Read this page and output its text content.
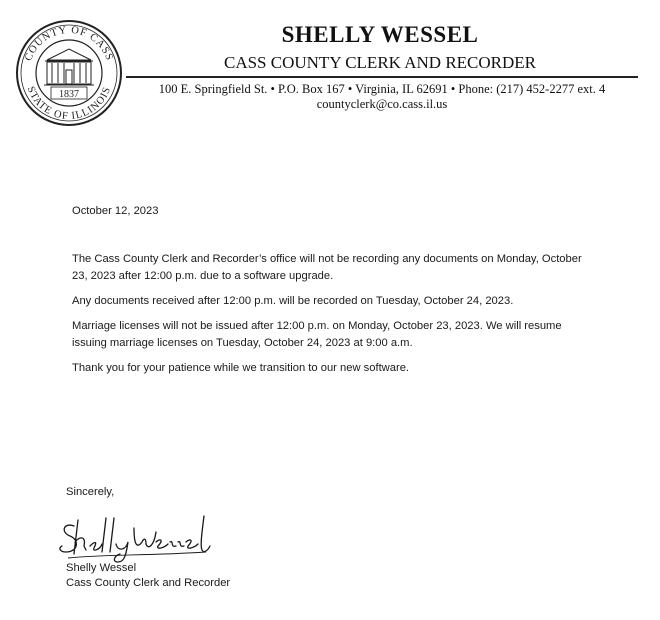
COUNTY OF CASS
STATE OF ILLINOIS
1837
SHELLY WESSEL
CASS COUNTY CLERK AND RECORDER
100 E. Springfield St. • P.O. Box 167 • Virginia, IL 62691 • Phone: (217) 452-2277 ext. 4
countyclerk@co.cass.il.us
October 12, 2023
The Cass County Clerk and Recorder’s office will not be recording any documents on Monday, October 23, 2023 after 12:00 p.m. due to a software upgrade.
Any documents received after 12:00 p.m. will be recorded on Tuesday, October 24, 2023.
Marriage licenses will not be issued after 12:00 p.m. on Monday, October 23, 2023. We will resume issuing marriage licenses on Tuesday, October 24, 2023 at 9:00 a.m.
Thank you for your patience while we transition to our new software.
Sincerely,
Shelly Wessel
Cass County Clerk and Recorder
